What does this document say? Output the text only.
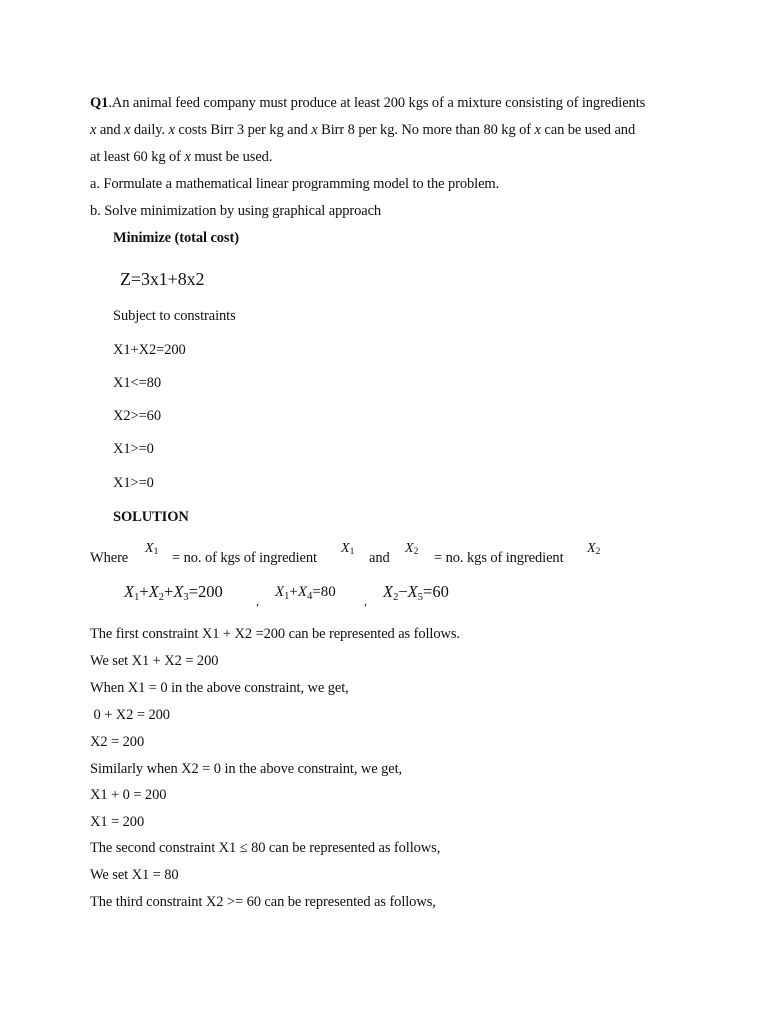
Q1.An animal feed company must produce at least 200 kgs of a mixture consisting of ingredients
x and x daily. x costs Birr 3 per kg and x Birr 8 per kg. No more than 80 kg of x can be used and
at least 60 kg of x must be used.
a. Formulate a mathematical linear programming model to the problem.
b. Solve minimization by using graphical approach
Minimize (total cost)
Z=3x1+8x2
Subject to constraints
X1+X2=200
X1<=80
X2>=60
X1>=0
X1>=0
SOLUTION
Where
$X_1$ = no. of kgs of ingredient
$X_1$ and
$X_2$ = no. kgs of ingredient
$X_2$
$X_1+X_2+X_3=200$	,
$X_1+X_4=80$
, $X_2-X_5=60$
The first constraint X1 + X2 =200 can be represented as follows.
We set X1 + X2 = 200
When X1 = 0 in the above constraint, we get,
0 + X2 = 200
X2 = 200
Similarly when X2 = 0 in the above constraint, we get,
X1 + 0 = 200
X1 = 200
The second constraint X1 ≤ 80 can be represented as follows,
We set X1 = 80
The third constraint X2 >= 60 can be represented as follows,
